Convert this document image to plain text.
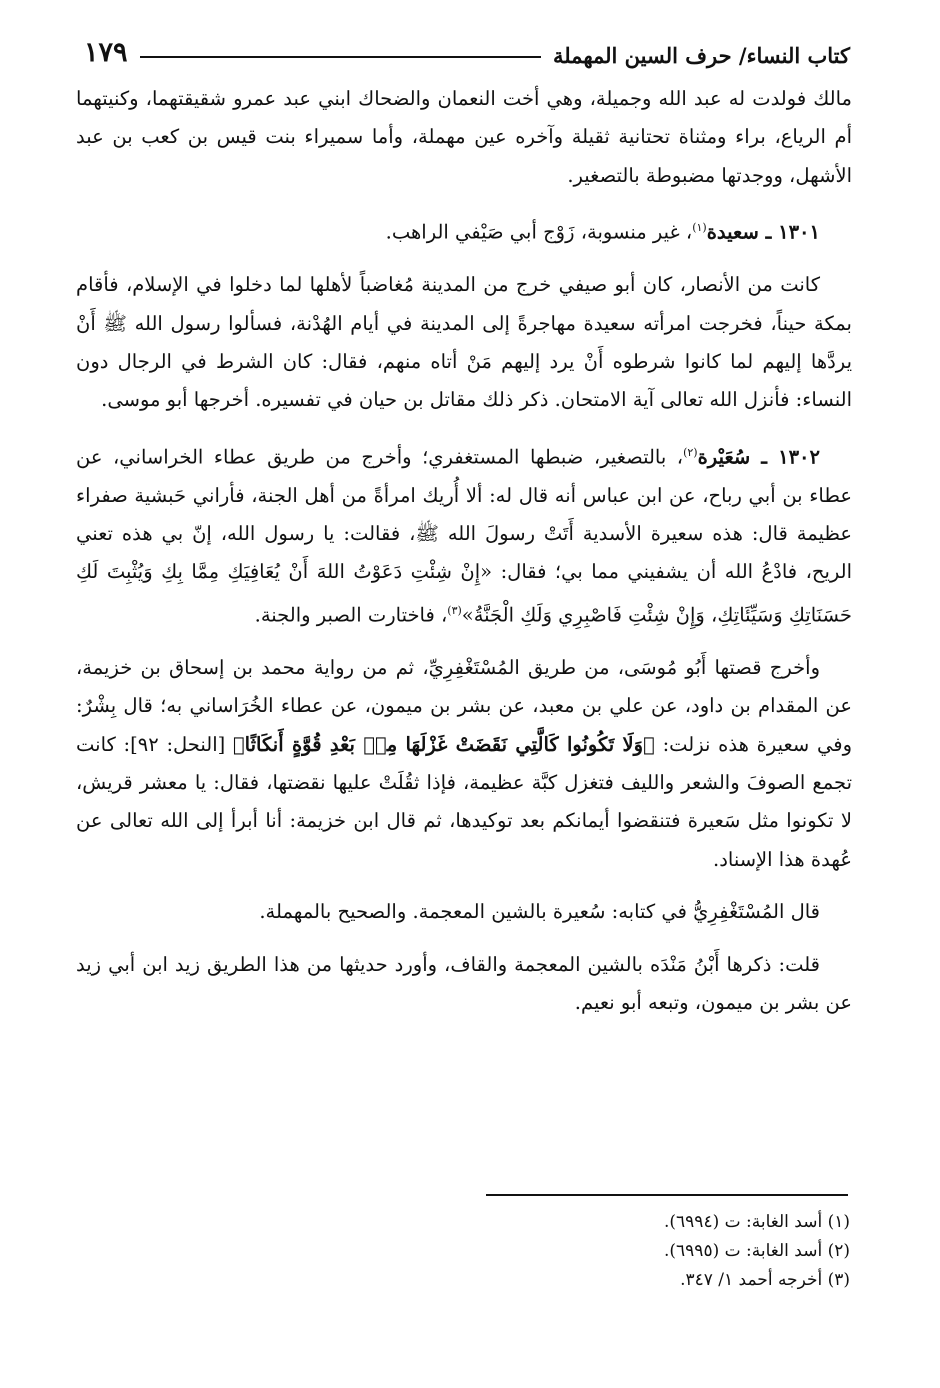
كتاب النساء/ حرف السين المهملة
١٧٩

مالك فولدت له عبد الله وجميلة، وهي أخت النعمان والضحاك ابني عبد عمرو شقيقتهما، وكنيتهما أم الرياع، براء ومثناة تحتانية ثقيلة وآخره عين مهملة، وأما سميراء بنت قيس بن كعب بن عبد الأشهل، ووجدتها مضبوطة بالتصغير.

١٣٠١ ـ سعيدة$^{(١)}$، غير منسوبة، زَوْج أبي صَيْفي الراهب.

كانت من الأنصار، كان أبو صيفي خرج من المدينة مُغاضباً لأهلها لما دخلوا في الإسلام، فأقام بمكة حيناً، فخرجت امرأته سعيدة مهاجرةً إلى المدينة في أيام الهُدْنة، فسألوا رسول الله ﷺ أَنْ يردَّها إليهم لما كانوا شرطوه أَنْ يرد إليهم مَنْ أتاه منهم، فقال: كان الشرط في الرجال دون النساء: فأنزل الله تعالى آية الامتحان. ذكر ذلك مقاتل بن حيان في تفسيره. أخرجها أبو موسى.

١٣٠٢ ـ سُعَيْرة$^{(٢)}$، بالتصغير، ضبطها المستغفري؛ وأخرج من طريق عطاء الخراساني، عن عطاء بن أبي رباح، عن ابن عباس أنه قال له: ألا أُريك امرأةً من أهل الجنة، فأراني حَبشية صفراء عظيمة قال: هذه سعيرة الأسدية أَتَتْ رسولَ الله ﷺ، فقالت: يا رسول الله، إنّ بي هذه تعني الريح، فادْعُ الله أن يشفيني مما بي؛ فقال: «إِنْ شِئْتِ دَعَوْتُ اللهَ أَنْ يُعَافِيَكِ مِمَّا بِكِ وَيُثْبِتَ لَكِ حَسَنَاتِكِ وَسَيِّئَاتِكِ، وَإِنْ شِئْتِ فَاصْبِرِي وَلَكِ الْجَنَّةُ»$^{(٣)}$، فاختارت الصبر والجنة.

وأخرج قصتها أَبُو مُوسَى، من طريق المُسْتَغْفِرِيِّ، ثم من رواية محمد بن إسحاق بن خزيمة، عن المقدام بن داود، عن علي بن معبد، عن بشر بن ميمون، عن عطاء الخُرَاساني به؛ قال بِشْرٌ: وفي سعيرة هذه نزلت: ﴿وَلَا تَكُونُوا كَالَّتِي نَقَضَتْ غَزْلَهَا مِنۢ بَعْدِ قُوَّةٍ أَنكَاثًا﴾ [النحل: ٩٢]: كانت تجمع الصوفَ والشعر والليف فتغزل كبَّة عظيمة، فإذا ثقُلَتْ عليها نقضتها، فقال: يا معشر قريش، لا تكونوا مثل سَعيرة فتنقضوا أيمانكم بعد توكيدها، ثم قال ابن خزيمة: أنا أبرأ إلى الله تعالى عن عُهدة هذا الإسناد.

قال المُسْتَغْفِرِيُّ في كتابه: سُعيرة بالشين المعجمة. والصحيح بالمهملة.

قلت: ذكرها أَبْنُ مَنْدَه بالشين المعجمة والقاف، وأورد حديثها من هذا الطريق زيد ابن أبي زيد عن بشر بن ميمون، وتبعه أبو نعيم.

(١) أسد الغابة: ت (٦٩٩٤).
(٢) أسد الغابة: ت (٦٩٩٥).
(٣) أخرجه أحمد ١/ ٣٤٧.
